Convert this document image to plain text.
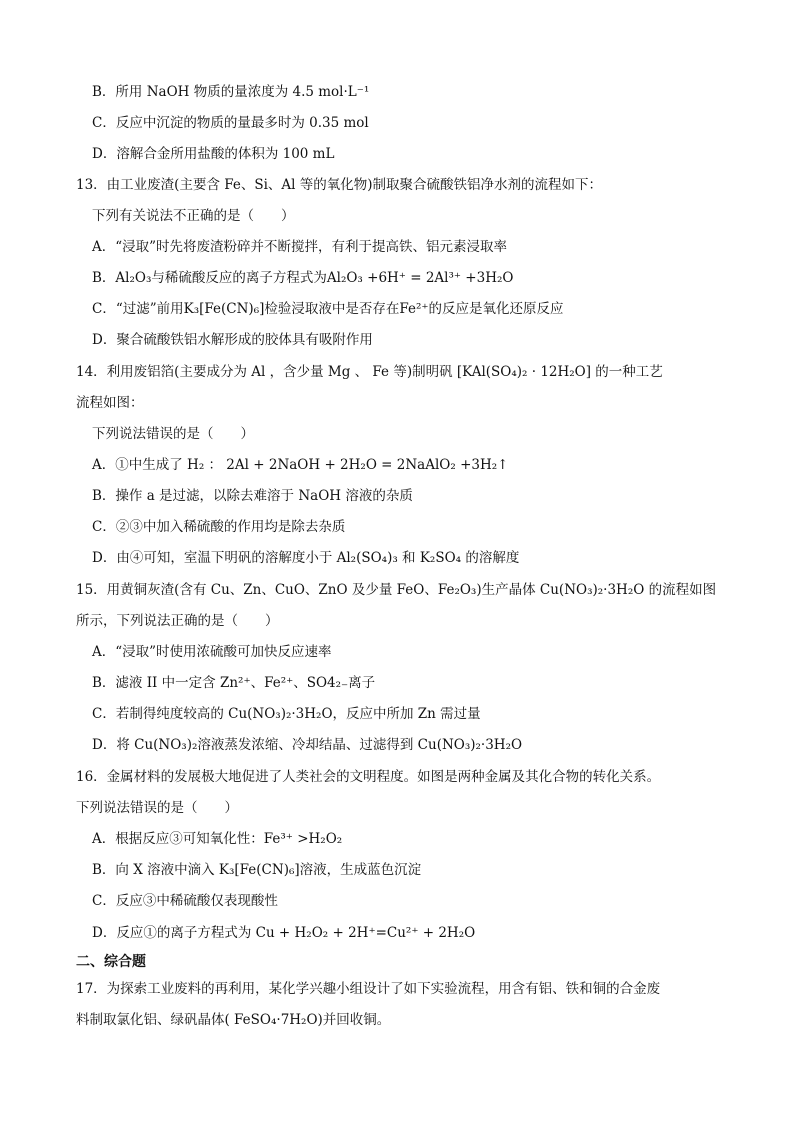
B．所用 NaOH 物质的量浓度为 4.5 mol·L⁻¹
C．反应中沉淀的物质的量最多时为 0.35 mol
D．溶解合金所用盐酸的体积为 100 mL
13．由工业废渣(主要含 Fe、Si、Al 等的氧化物)制取聚合硫酸铁铝净水剂的流程如下：
下列有关说法不正确的是（　　）
A．“浸取”时先将废渣粉碎并不断搅拌，有利于提高铁、铝元素浸取率
B．Al₂O₃与稀硫酸反应的离子方程式为Al₂O₃ +6H⁺ = 2Al³⁺ +3H₂O
C．“过滤”前用K₃[Fe(CN)₆]检验浸取液中是否存在Fe²⁺的反应是氧化还原反应
D．聚合硫酸铁铝水解形成的胶体具有吸附作用
14．利用废铝箔(主要成分为 Al ，含少量 Mg 、 Fe 等)制明矾 [KAl(SO₄)₂ · 12H₂O] 的一种工艺
流程如图：
下列说法错误的是（　　）
A．①中生成了 H₂ ： 2Al + 2NaOH + 2H₂O = 2NaAlO₂ +3H₂↑
B．操作 a 是过滤，以除去难溶于 NaOH 溶液的杂质
C．②③中加入稀硫酸的作用均是除去杂质
D．由④可知，室温下明矾的溶解度小于 Al₂(SO₄)₃ 和 K₂SO₄ 的溶解度
15．用黄铜灰渣(含有 Cu、Zn、CuO、ZnO 及少量 FeO、Fe₂O₃)生产晶体 Cu(NO₃)₂·3H₂O 的流程如图
所示，下列说法正确的是（　　）
A．“浸取”时使用浓硫酸可加快反应速率
B．滤液 II 中一定含 Zn²⁺、Fe²⁺、SO4₂₋离子
C．若制得纯度较高的 Cu(NO₃)₂·3H₂O，反应中所加 Zn 需过量
D．将 Cu(NO₃)₂溶液蒸发浓缩、冷却结晶、过滤得到 Cu(NO₃)₂·3H₂O
16．金属材料的发展极大地促进了人类社会的文明程度。如图是两种金属及其化合物的转化关系。
下列说法错误的是（　　）
A．根据反应③可知氧化性：Fe³⁺ >H₂O₂
B．向 X 溶液中滴入 K₃[Fe(CN)₆]溶液，生成蓝色沉淀
C．反应③中稀硫酸仅表现酸性
D．反应①的离子方程式为 Cu + H₂O₂ + 2H⁺=Cu²⁺ + 2H₂O
二、综合题
17．为探索工业废料的再利用，某化学兴趣小组设计了如下实验流程，用含有铝、铁和铜的合金废
料制取氯化铝、绿矾晶体( FeSO₄·7H₂O)并回收铜。
